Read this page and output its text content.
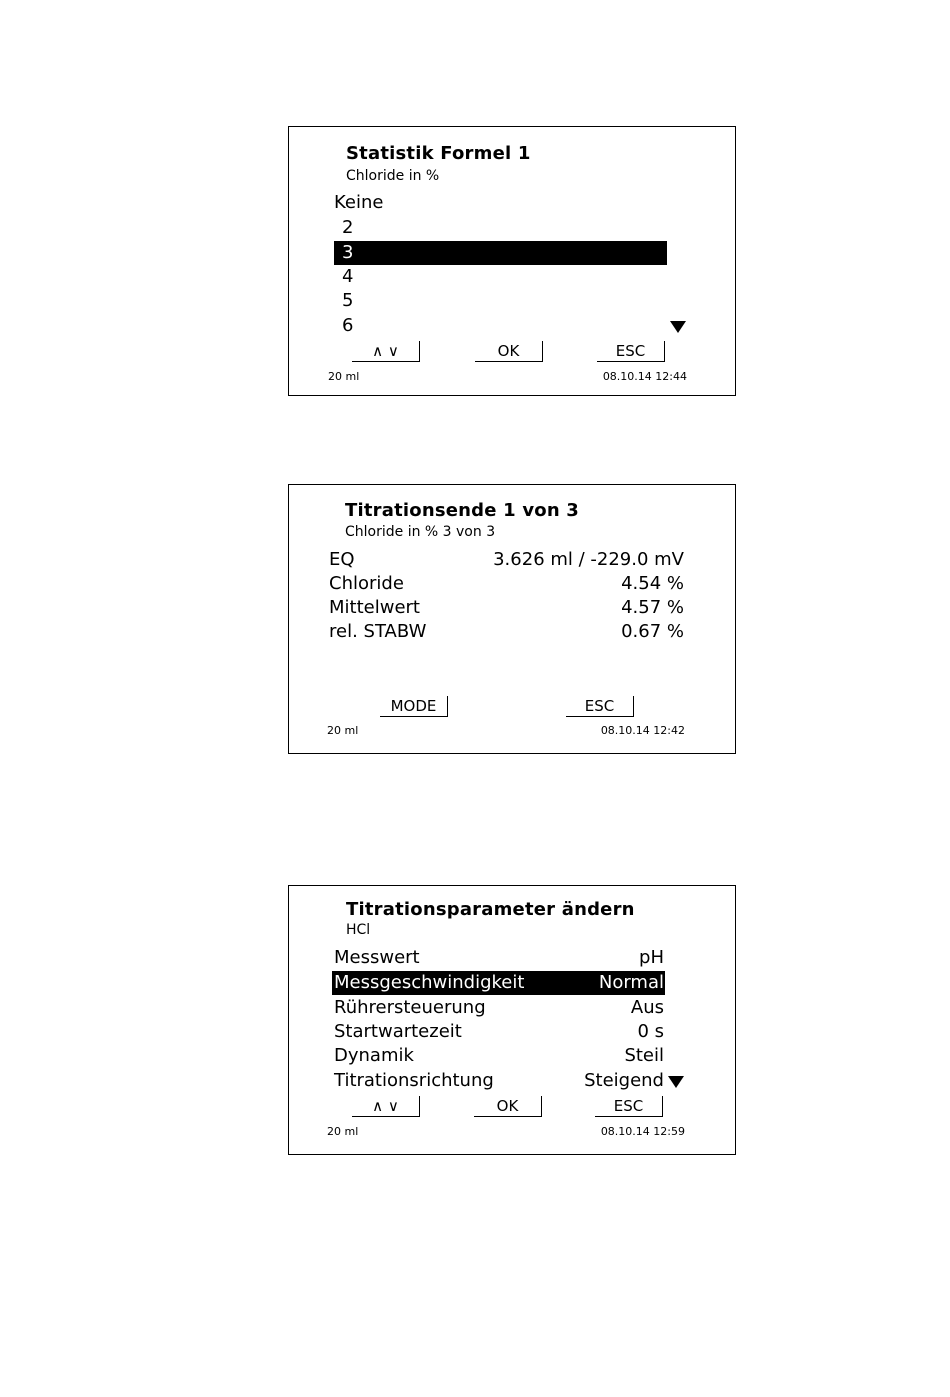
Statistik Formel 1
Chloride in %
Keine
2
3
4
5
6
∧ ∨	OK	ESC
20 ml	08.10.14 12:44
Titrationsende 1 von 3
Chloride in % 3 von 3
EQ	3.626 ml / -229.0 mV
Chloride	4.54 %
Mittelwert	4.57 %
rel. STABW	0.67 %
MODE	ESC
20 ml	08.10.14 12:42
Titrationsparameter ändern
HCl
Messwert	pH
Messgeschwindigkeit	Normal
Rührersteuerung	Aus
Startwartezeit	0 s
Dynamik	Steil
Titrationsrichtung	Steigend
∧ ∨	OK	ESC
20 ml	08.10.14 12:59
